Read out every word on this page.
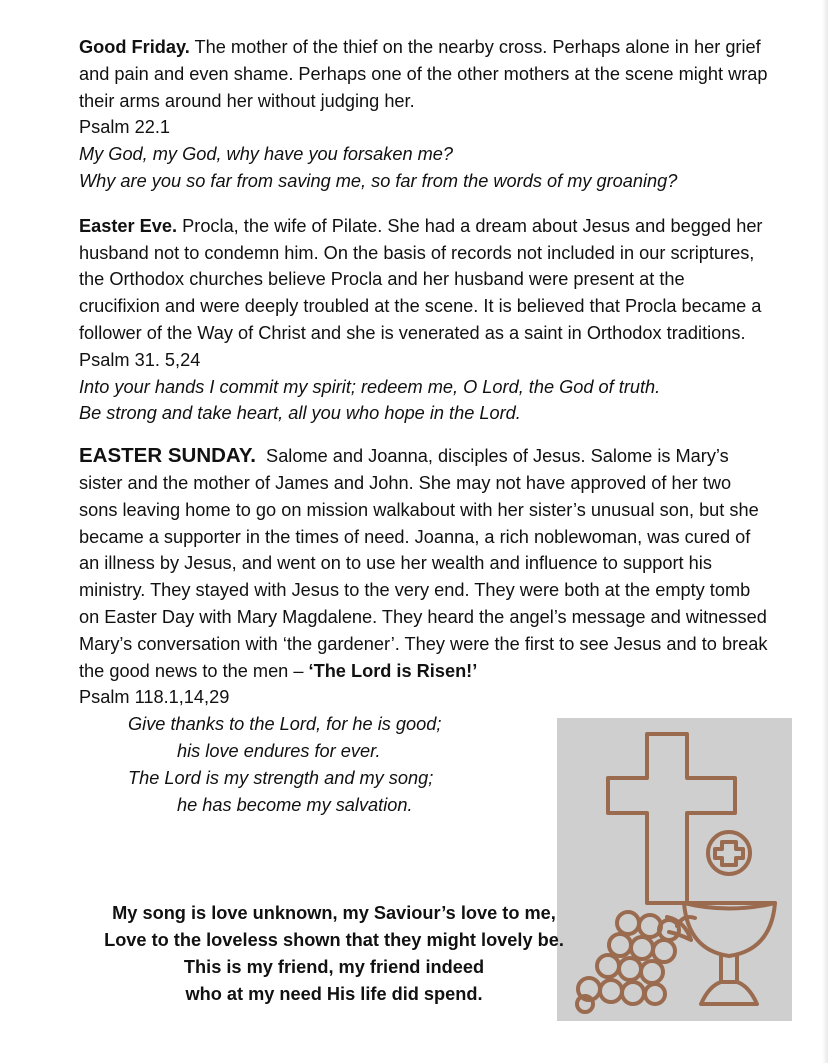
Good Friday. The mother of the thief on the nearby cross. Perhaps alone in her grief and pain and even shame. Perhaps one of the other mothers at the scene might wrap their arms around her without judging her.

Psalm 22.1

My God, my God, why have you forsaken me?

Why are you so far from saving me, so far from the words of my groaning?

Easter Eve. Procla, the wife of Pilate. She had a dream about Jesus and begged her husband not to condemn him. On the basis of records not included in our scriptures, the Orthodox churches believe Procla and her husband were present at the crucifixion and were deeply troubled at the scene. It is believed that Procla became a follower of the Way of Christ and she is venerated as a saint in Orthodox traditions.

Psalm 31. 5,24

Into your hands I commit my spirit; redeem me, O Lord, the God of truth.

Be strong and take heart, all you who hope in the Lord.

EASTER SUNDAY.  Salome and Joanna, disciples of Jesus. Salome is Mary’s sister and the mother of James and John. She may not have approved of her two sons leaving home to go on mission walkabout with her sister’s unusual son, but she became a supporter in the times of need. Joanna, a rich noblewoman, was cured of an illness by Jesus, and went on to use her wealth and influence to support his ministry. They stayed with Jesus to the very end. They were both at the empty tomb on Easter Day with Mary Magdalene. They heard the angel’s message and witnessed Mary’s conversation with ‘the gardener’. They were the first to see Jesus and to break the good news to the men – ‘The Lord is Risen!’

Psalm 118.1,14,29

Give thanks to the Lord, for he is good;

his love endures for ever.

The Lord is my strength and my song;

he has become my salvation.

My song is love unknown, my Saviour’s love to me,
Love to the loveless shown that they might lovely be.
This is my friend, my friend indeed
who at my need His life did spend.
